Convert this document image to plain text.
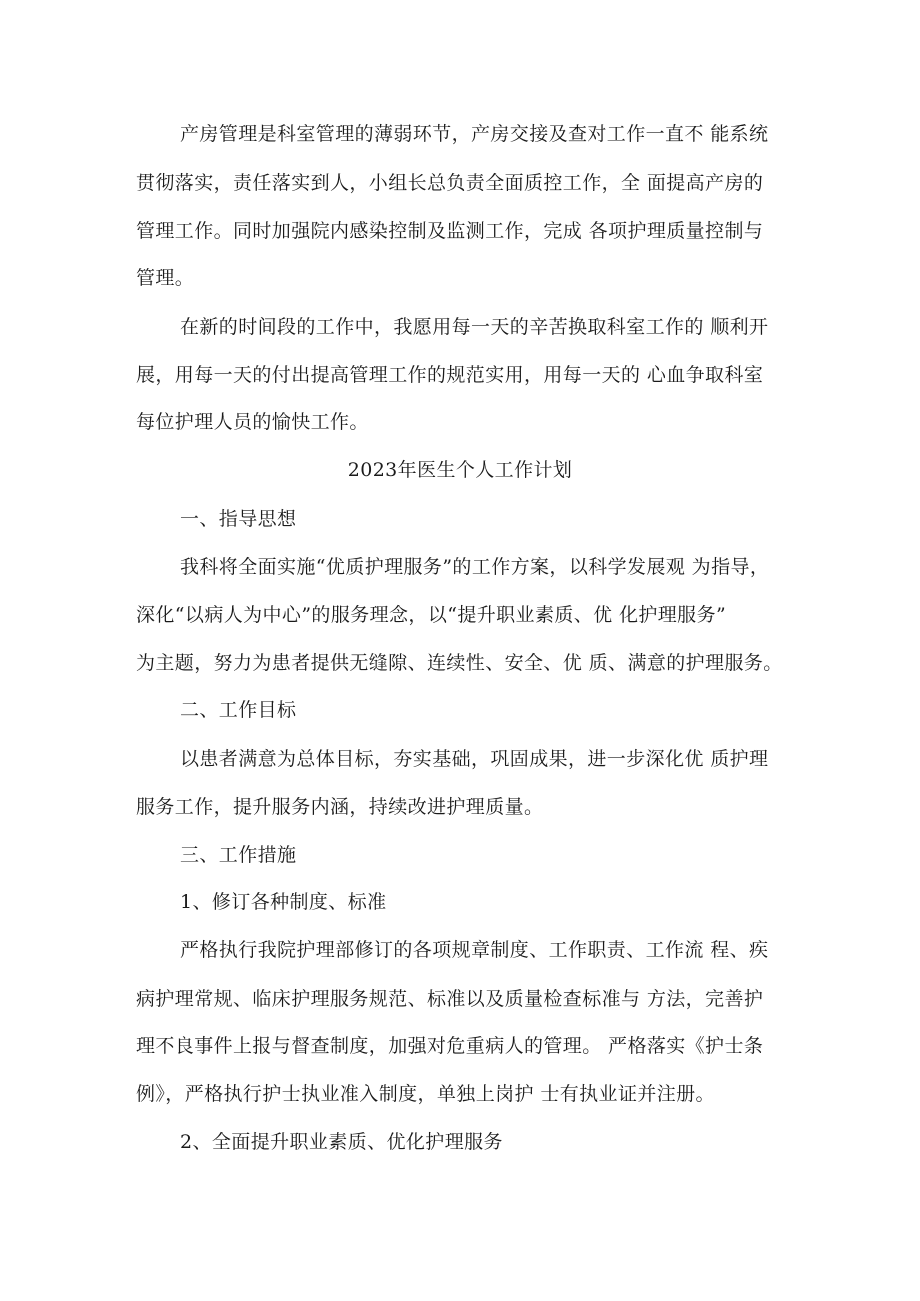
产房管理是科室管理的薄弱环节，产房交接及查对工作一直不 能系统
贯彻落实，责任落实到人，小组长总负责全面质控工作，全 面提高产房的
管理工作。同时加强院内感染控制及监测工作，完成 各项护理质量控制与
管理。
在新的时间段的工作中，我愿用每一天的辛苦换取科室工作的 顺利开
展，用每一天的付出提高管理工作的规范实用，用每一天的 心血争取科室
每位护理人员的愉快工作。
2023年医生个人工作计划
一、指导思想
我科将全面实施“优质护理服务”的工作方案，以科学发展观 为指导，
深化“以病人为中心”的服务理念，以“提升职业素质、优 化护理服务”
为主题，努力为患者提供无缝隙、连续性、安全、优 质、满意的护理服务。
二、工作目标
以患者满意为总体目标，夯实基础，巩固成果，进一步深化优 质护理
服务工作，提升服务内涵，持续改进护理质量。
三、工作措施
1、修订各种制度、标准
严格执行我院护理部修订的各项规章制度、工作职责、工作流 程、疾
病护理常规、临床护理服务规范、标准以及质量检查标准与 方法，完善护
理不良事件上报与督查制度，加强对危重病人的管理。 严格落实《护士条
例》，严格执行护士执业准入制度，单独上岗护 士有执业证并注册。
2、全面提升职业素质、优化护理服务
